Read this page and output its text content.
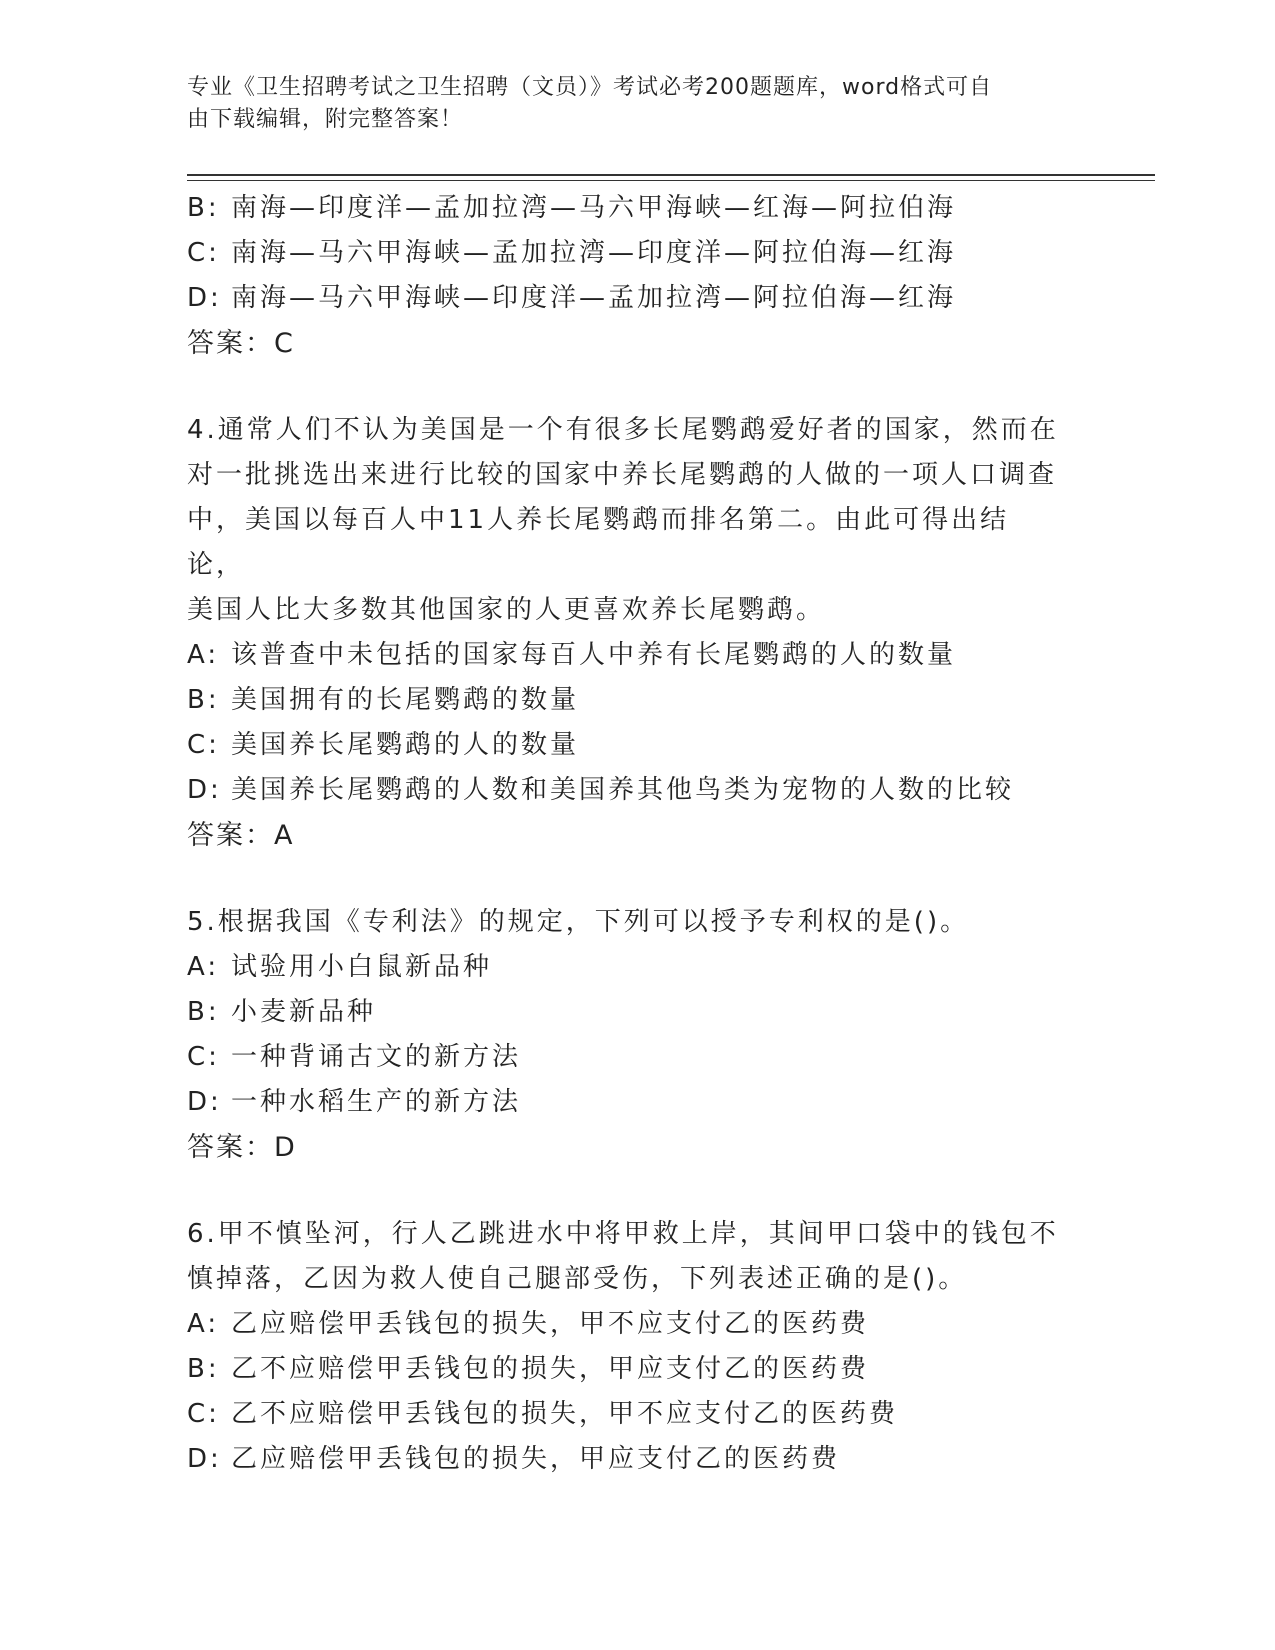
专业《卫生招聘考试之卫生招聘（文员）》考试必考200题题库，word格式可自
由下载编辑，附完整答案！
B: 南海—印度洋—孟加拉湾—马六甲海峡—红海—阿拉伯海
C: 南海—马六甲海峡—孟加拉湾—印度洋—阿拉伯海—红海
D: 南海—马六甲海峡—印度洋—孟加拉湾—阿拉伯海—红海
答案：C
4.通常人们不认为美国是一个有很多长尾鹦鹉爱好者的国家，然而在
对一批挑选出来进行比较的国家中养长尾鹦鹉的人做的一项人口调查
中，美国以每百人中11人养长尾鹦鹉而排名第二。由此可得出结论，
美国人比大多数其他国家的人更喜欢养长尾鹦鹉。
A: 该普查中未包括的国家每百人中养有长尾鹦鹉的人的数量
B: 美国拥有的长尾鹦鹉的数量
C: 美国养长尾鹦鹉的人的数量
D: 美国养长尾鹦鹉的人数和美国养其他鸟类为宠物的人数的比较
答案：A
5.根据我国《专利法》的规定，下列可以授予专利权的是()。
A: 试验用小白鼠新品种
B: 小麦新品种
C: 一种背诵古文的新方法
D: 一种水稻生产的新方法
答案：D
6.甲不慎坠河，行人乙跳进水中将甲救上岸，其间甲口袋中的钱包不
慎掉落，乙因为救人使自己腿部受伤，下列表述正确的是()。
A: 乙应赔偿甲丢钱包的损失，甲不应支付乙的医药费
B: 乙不应赔偿甲丢钱包的损失，甲应支付乙的医药费
C: 乙不应赔偿甲丢钱包的损失，甲不应支付乙的医药费
D: 乙应赔偿甲丢钱包的损失，甲应支付乙的医药费
